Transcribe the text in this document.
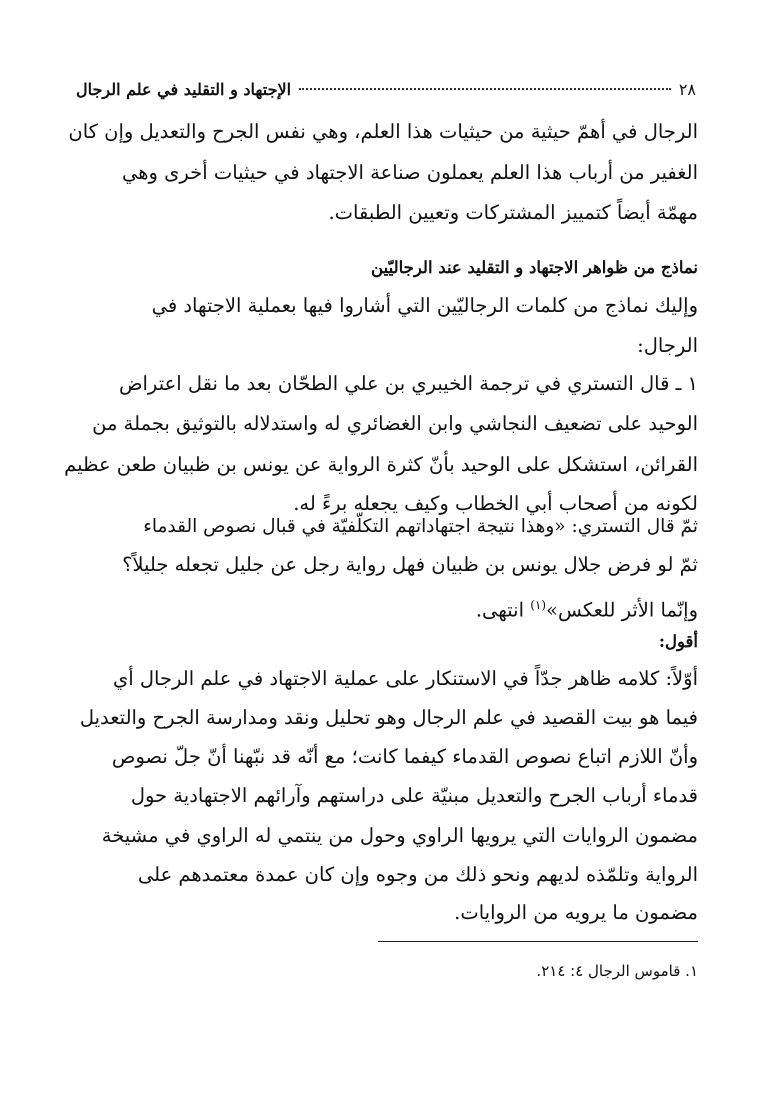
٢٨
الإجتهاد و التقليد في علم الرجال
الرجال في أهمّ حيثية من حيثيات هذا العلم، وهي نفس الجرح والتعديل وإن كان
الغفير من أرباب هذا العلم يعملون صناعة الاجتهاد في حيثيات أخرى وهي
مهمّة أيضاً كتمييز المشتركات وتعيين الطبقات.
نماذج من ظواهر الاجتهاد و التقليد عند الرجاليّين
وإليك نماذج من كلمات الرجاليّين التي أشاروا فيها بعملية الاجتهاد في
الرجال:
١ ـ قال التستري في ترجمة الخيبري بن علي الطحّان بعد ما نقل اعتراض
الوحيد على تضعيف النجاشي وابن الغضائري له واستدلاله بالتوثيق بجملة من
القرائن، استشكل على الوحيد بأنّ كثرة الرواية عن يونس بن ظبيان طعن عظيم
لكونه من أصحاب أبي الخطاب وكيف يجعله برءً له.
ثمّ قال التستري: «وهذا نتيجة اجتهاداتهم التكلّفيّة في قبال نصوص القدماء
ثمّ لو فرض جلال يونس بن ظبيان فهل رواية رجل عن جليل تجعله جليلاً؟
وإنّما الأثر للعكس»$^{(١)}$ انتهى.
أقول:
أوّلاً: كلامه ظاهر جدّاً في الاستنكار على عملية الاجتهاد في علم الرجال أي
فيما هو بيت القصيد في علم الرجال وهو تحليل ونقد ومدارسة الجرح والتعديل
وأنّ اللازم اتباع نصوص القدماء كيفما كانت؛ مع أنّه قد نبّهنا أنّ جلّ نصوص
قدماء أرباب الجرح والتعديل مبنيّة على دراستهم وآرائهم الاجتهادية حول
مضمون الروايات التي يرويها الراوي وحول من ينتمي له الراوي في مشيخة
الرواية وتلمّذه لديهم ونحو ذلك من وجوه وإن كان عمدة معتمدهم على
مضمون ما يرويه من الروايات.
١. قاموس الرجال ٤: ٢١٤.
